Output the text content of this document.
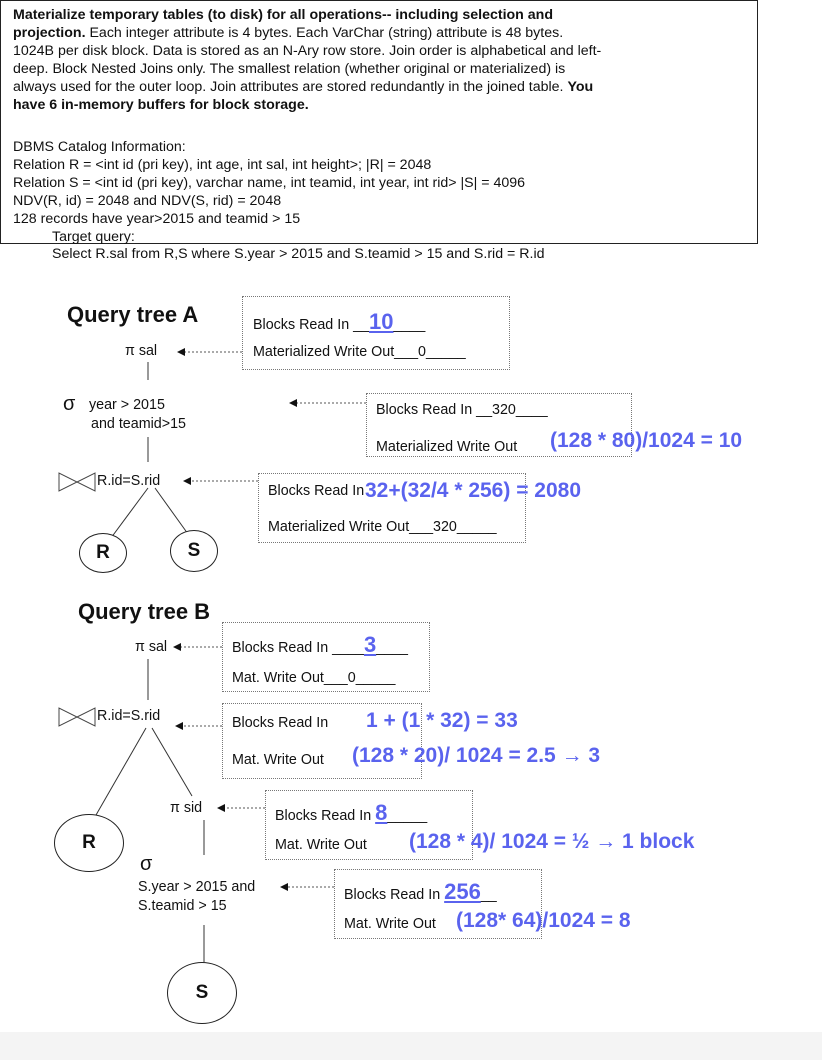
Materialize temporary tables (to disk) for all operations-- including selection and
projection. Each integer attribute is 4 bytes. Each VarChar (string) attribute is 48 bytes.
1024B per disk block. Data is stored as an N-Ary row store. Join order is alphabetical and left-
deep. Block Nested Joins only. The smallest relation (whether original or materialized) is
always used for the outer loop. Join attributes are stored redundantly in the joined table. You
have 6 in-memory buffers for block storage.
DBMS Catalog Information:
Relation R = <int id (pri key), int age, int sal, int height>; |R| = 2048
Relation S = <int id (pri key), varchar name, int teamid, int year, int rid> |S| = 4096
NDV(R, id) = 2048 and NDV(S, rid) = 2048
128 records have year>2015 and teamid > 15
Target query:
Query tree A
π sal
σ year > 2015
and teamid>15
R.id=S.rid
R	S
Blocks Read In __10____
Materialized Write Out___0_____
Blocks Read In __320____
Materialized Write Out (128 * 80)/1024 = 10
Blocks Read In
Materialized Write Out___320_____
32+(32/4 * 256) = 2080
Query tree B
π sal
R.id=S.rid
π sid
σ
S.year > 2015 and
S.teamid > 15
R
S
Blocks Read In ____3____
Mat. Write Out___0_____
Blocks Read In
Mat. Write Out
1 + (1 * 32) = 33
(128 * 20)/ 1024 = 2.5 → 3
Blocks Read In 8_____
Mat. Write Out (128 * 4)/ 1024 = ½ → 1 block
Blocks Read In 256__
Mat. Write Out (128* 64)/1024 = 8
Select R.sal from R,S where S.year > 2015 and S.teamid > 15 and S.rid = R.id
